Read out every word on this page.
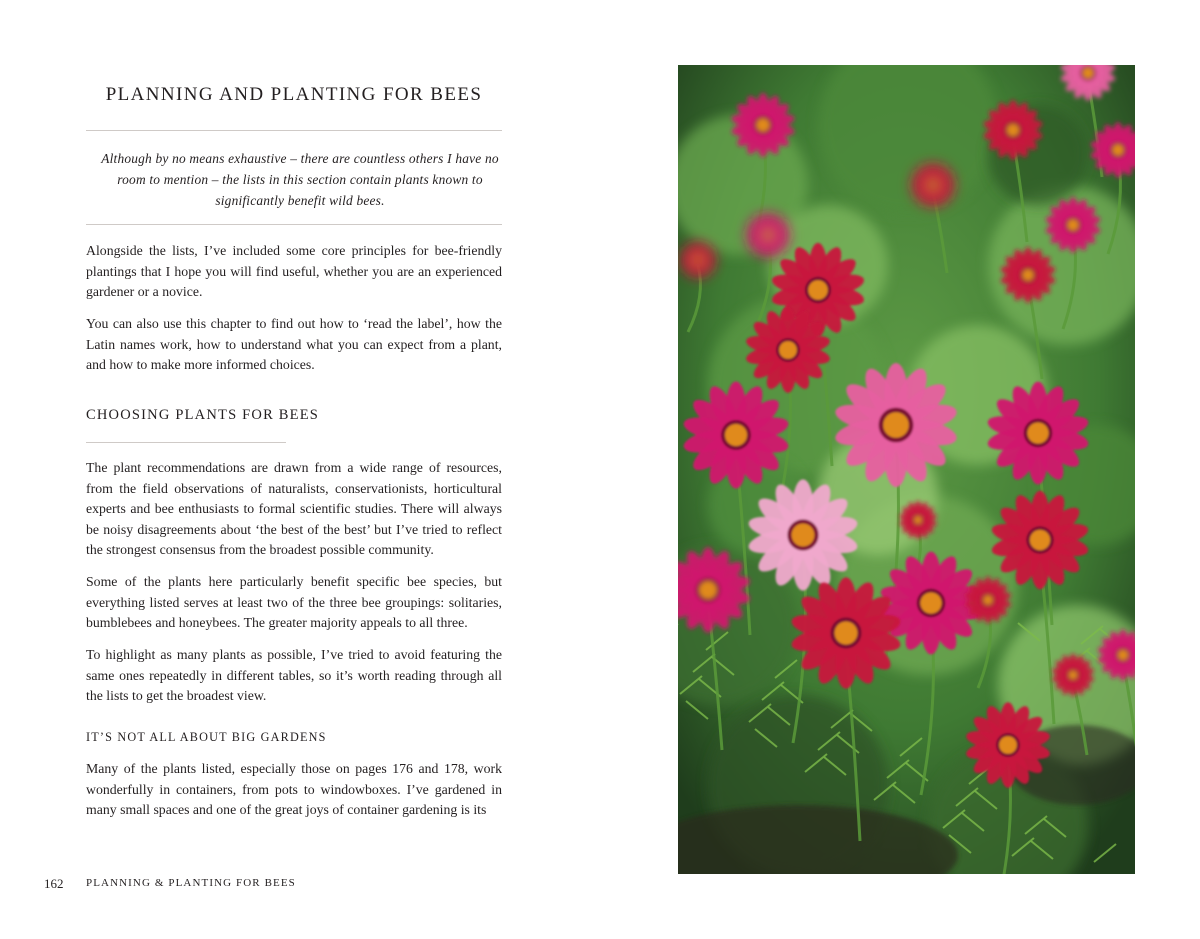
PLANNING AND PLANTING FOR BEES

Although by no means exhaustive – there are countless others I have no room to mention – the lists in this section contain plants known to significantly benefit wild bees.

Alongside the lists, I’ve included some core principles for bee-friendly plantings that I hope you will find useful, whether you are an experienced gardener or a novice.

You can also use this chapter to find out how to ‘read the label’, how the Latin names work, how to understand what you can expect from a plant, and how to make more informed choices.

CHOOSING PLANTS FOR BEES

The plant recommendations are drawn from a wide range of resources, from the field observations of naturalists, conservationists, horticultural experts and bee enthusiasts to formal scientific studies. There will always be noisy disagreements about ‘the best of the best’ but I’ve tried to reflect the strongest consensus from the broadest possible community.

Some of the plants here particularly benefit specific bee species, but everything listed serves at least two of the three bee groupings: solitaries, bumblebees and honeybees. The greater majority appeals to all three.

To highlight as many plants as possible, I’ve tried to avoid featuring the same ones repeatedly in different tables, so it’s worth reading through all the lists to get the broadest view.

IT’S NOT ALL ABOUT BIG GARDENS

Many of the plants listed, especially those on pages 176 and 178, work wonderfully in containers, from pots to windowboxes. I’ve gardened in many small spaces and one of the great joys of container gardening is its

162 PLANNING & PLANTING FOR BEES
